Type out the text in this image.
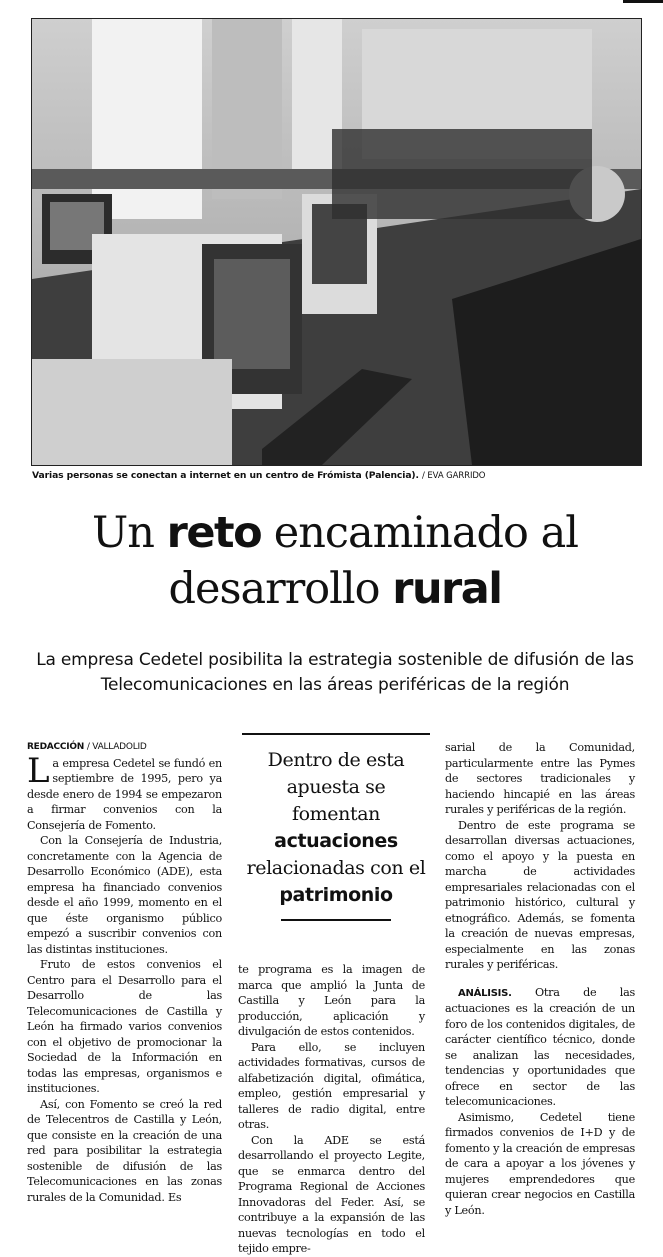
Varias personas se conectan a internet en un centro de Frómista (Palencia). / EVA GARRIDO
Un reto encaminado al desarrollo rural
La empresa Cedetel posibilita la estrategia sostenible de difusión de las Telecomunicaciones en las áreas periféricas de la región

REDACCIÓN / VALLADOLID

La empresa Cedetel se fundó en septiembre de 1995, pero ya desde enero de 1994 se empezaron a firmar convenios con la Consejería de Fomento.

Con la Consejería de Industria, concretamente con la Agencia de Desarrollo Económico (ADE), esta empresa ha financiado convenios desde el año 1999, momento en el que éste organismo público empezó a suscribir convenios con las distintas instituciones.

Fruto de estos convenios el Centro para el Desarrollo para el Desarrollo de las Telecomunicaciones de Castilla y León ha firmado varios convenios con el objetivo de promocionar la Sociedad de la Información en todas las empresas, organismos e instituciones.

Así, con Fomento se creó la red de Telecentros de Castilla y León, que consiste en la creación de una red para posibilitar la estrategia sostenible de difusión de las Telecomunicaciones en las zonas rurales de la Comunidad. Es

Dentro de esta apuesta se fomentan actuaciones relacionadas con el patrimonio

te programa es la imagen de marca que amplió la Junta de Castilla y León para la producción, aplicación y divulgación de estos contenidos.

Para ello, se incluyen actividades formativas, cursos de alfabetización digital, ofimática, empleo, gestión empresarial y talleres de radio digital, entre otras.

Con la ADE se está desarrollando el proyecto Legite, que se enmarca dentro del Programa Regional de Acciones Innovadoras del Feder. Así, se contribuye a la expansión de las nuevas tecnologías en todo el tejido empre-

sarial de la Comunidad, particularmente entre las Pymes de sectores tradicionales y haciendo hincapié en las áreas rurales y periféricas de la región.

Dentro de este programa se desarrollan diversas actuaciones, como el apoyo y la puesta en marcha de actividades empresariales relacionadas con el patrimonio histórico, cultural y etnográfico. Además, se fomenta la creación de nuevas empresas, especialmente en las zonas rurales y periféricas.

ANÁLISIS. Otra de las actuaciones es la creación de un foro de los contenidos digitales, de carácter científico técnico, donde se analizan las necesidades, tendencias y oportunidades que ofrece en sector de las telecomunicaciones.

Asimismo, Cedetel tiene firmados convenios de I+D y de fomento y la creación de empresas de cara a apoyar a los jóvenes y mujeres emprendedores que quieran crear negocios en Castilla y León.
